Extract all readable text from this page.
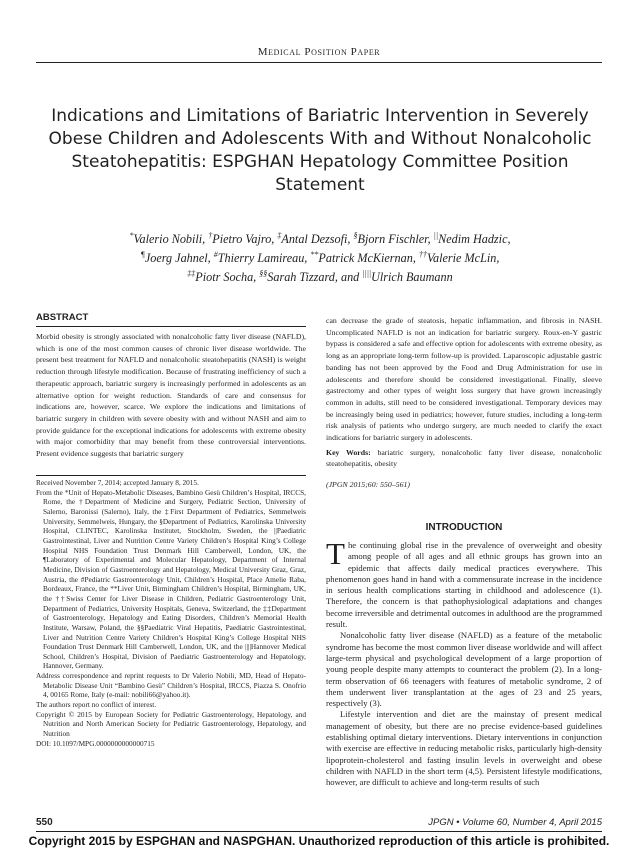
Medical Position Paper
Indications and Limitations of Bariatric Intervention in Severely Obese Children and Adolescents With and Without Nonalcoholic Steatohepatitis: ESPGHAN Hepatology Committee Position Statement
*Valerio Nobili, †Pietro Vajro, ‡Antal Dezsofi, §Bjorn Fischler, ||Nedim Hadzic,
¶Joerg Jahnel, #Thierry Lamireau, **Patrick McKiernan, ††Valerie McLin,
‡‡Piotr Socha, §§Sarah Tizzard, and ||||Ulrich Baumann
ABSTRACT
Morbid obesity is strongly associated with nonalcoholic fatty liver disease (NAFLD), which is one of the most common causes of chronic liver disease worldwide. The present best treatment for NAFLD and nonalcoholic steatohepatitis (NASH) is weight reduction through lifestyle modification. Because of frustrating inefficiency of such a therapeutic approach, bariatric surgery is increasingly performed in adolescents as an alternative option for weight reduction. Standards of care and consensus for indications are, however, scarce. We explore the indications and limitations of bariatric surgery in children with severe obesity with and without NASH and aim to provide guidance for the exceptional indications for adolescents with extreme obesity with major comorbidity that may benefit from these controversial interventions. Present evidence suggests that bariatric surgery

Received November 7, 2014; accepted January 8, 2015.

From the *Unit of Hepato-Metabolic Diseases, Bambino Gesù Children’s Hospital, IRCCS, Rome, the †Department of Medicine and Surgery, Pediatric Section, University of Salerno, Baronissi (Salerno), Italy, the ‡First Department of Pediatrics, Semmelweis University, Semmelweis, Hungary, the §Department of Pediatrics, Karolinska University Hospital, CLINTEC, Karolinska Institutet, Stockholm, Sweden, the ||Paediatric Gastrointestinal, Liver and Nutrition Centre Variety Children’s Hospital King’s College Hospital NHS Foundation Trust Denmark Hill Camberwell, London, UK, the ¶Laboratory of Experimental and Molecular Hepatology, Department of Internal Medicine, Division of Gastroenterology and Hepatology, Medical University Graz, Graz, Austria, the #Pediatric Gastroenterology Unit, Children’s Hospital, Place Amelie Raba, Bordeaux, France, the **Liver Unit, Birmingham Children’s Hospital, Birmingham, UK, the ††Swiss Center for Liver Disease in Children, Pediatric Gastroenterology Unit, Department of Pediatrics, University Hospitals, Geneva, Switzerland, the ‡‡Department of Gastroenterology, Hepatology and Eating Disorders, Children’s Memorial Health Institute, Warsaw, Poland, the §§Paediatric Viral Hepatitis, Paediatric Gastrointestinal, Liver and Nutrition Centre Variety Children’s Hospital King’s College Hospital NHS Foundation Trust Denmark Hill Camberwell, London, UK, and the ||||Hannover Medical School, Children’s Hospital, Division of Paediatric Gastroenterology and Hepatology, Hannover, Germany.

Address correspondence and reprint requests to Dr Valerio Nobili, MD, Head of Hepato-Metabolic Disease Unit “Bambino Gesù” Children’s Hospital, IRCCS, Piazza S. Onofrio 4, 00165 Rome, Italy (e-mail: nobili66@yahoo.it).

The authors report no conflict of interest.

Copyright © 2015 by European Society for Pediatric Gastroenterology, Hepatology, and Nutrition and North American Society for Pediatric Gastroenterology, Hepatology, and Nutrition

DOI: 10.1097/MPG.0000000000000715

can decrease the grade of steatosis, hepatic inflammation, and fibrosis in NASH. Uncomplicated NAFLD is not an indication for bariatric surgery. Roux-en-Y gastric bypass is considered a safe and effective option for adolescents with extreme obesity, as long as an appropriate long-term follow-up is provided. Laparoscopic adjustable gastric banding has not been approved by the Food and Drug Administration for use in adolescents and therefore should be considered investigational. Finally, sleeve gastrectomy and other types of weight loss surgery that have grown increasingly common in adults, still need to be considered investigational. Temporary devices may be increasingly being used in pediatrics; however, future studies, including a long-term risk analysis of patients who undergo surgery, are much needed to clarify the exact indications for bariatric surgery in adolescents.
Key Words: bariatric surgery, nonalcoholic fatty liver disease, nonalcoholic steatohepatitis, obesity
(JPGN 2015;60: 550–561)
INTRODUCTION

The continuing global rise in the prevalence of overweight and obesity among people of all ages and all ethnic groups has grown into an epidemic that affects daily medical practices everywhere. This phenomenon goes hand in hand with a commensurate increase in the incidence in serious health complications starting in childhood and adolescence (1). Therefore, the concern is that pathophysiological adaptations and changes become irreversible and detrimental outcomes in adulthood are the programmed result.

Nonalcoholic fatty liver disease (NAFLD) as a feature of the metabolic syndrome has become the most common liver disease worldwide and will affect large-term physical and psychological development of a large proportion of young people despite many attempts to counteract the problem (2). In a long-term observation of 66 teenagers with features of metabolic syndrome, 2 of them underwent liver transplantation at the ages of 23 and 25 years, respectively (3).

Lifestyle intervention and diet are the mainstay of present medical management of obesity, but there are no precise evidence-based guidelines establishing optimal dietary interventions. Dietary interventions in conjunction with exercise are effective in reducing metabolic risks, particularly high-density lipoprotein-cholesterol and fasting insulin levels in overweight and obese children with NAFLD in the short term (4,5). Persistent lifestyle modifications, however, are difficult to achieve and long-term results of such

550	JPGN • Volume 60, Number 4, April 2015
Copyright 2015 by ESPGHAN and NASPGHAN. Unauthorized reproduction of this article is prohibited.
